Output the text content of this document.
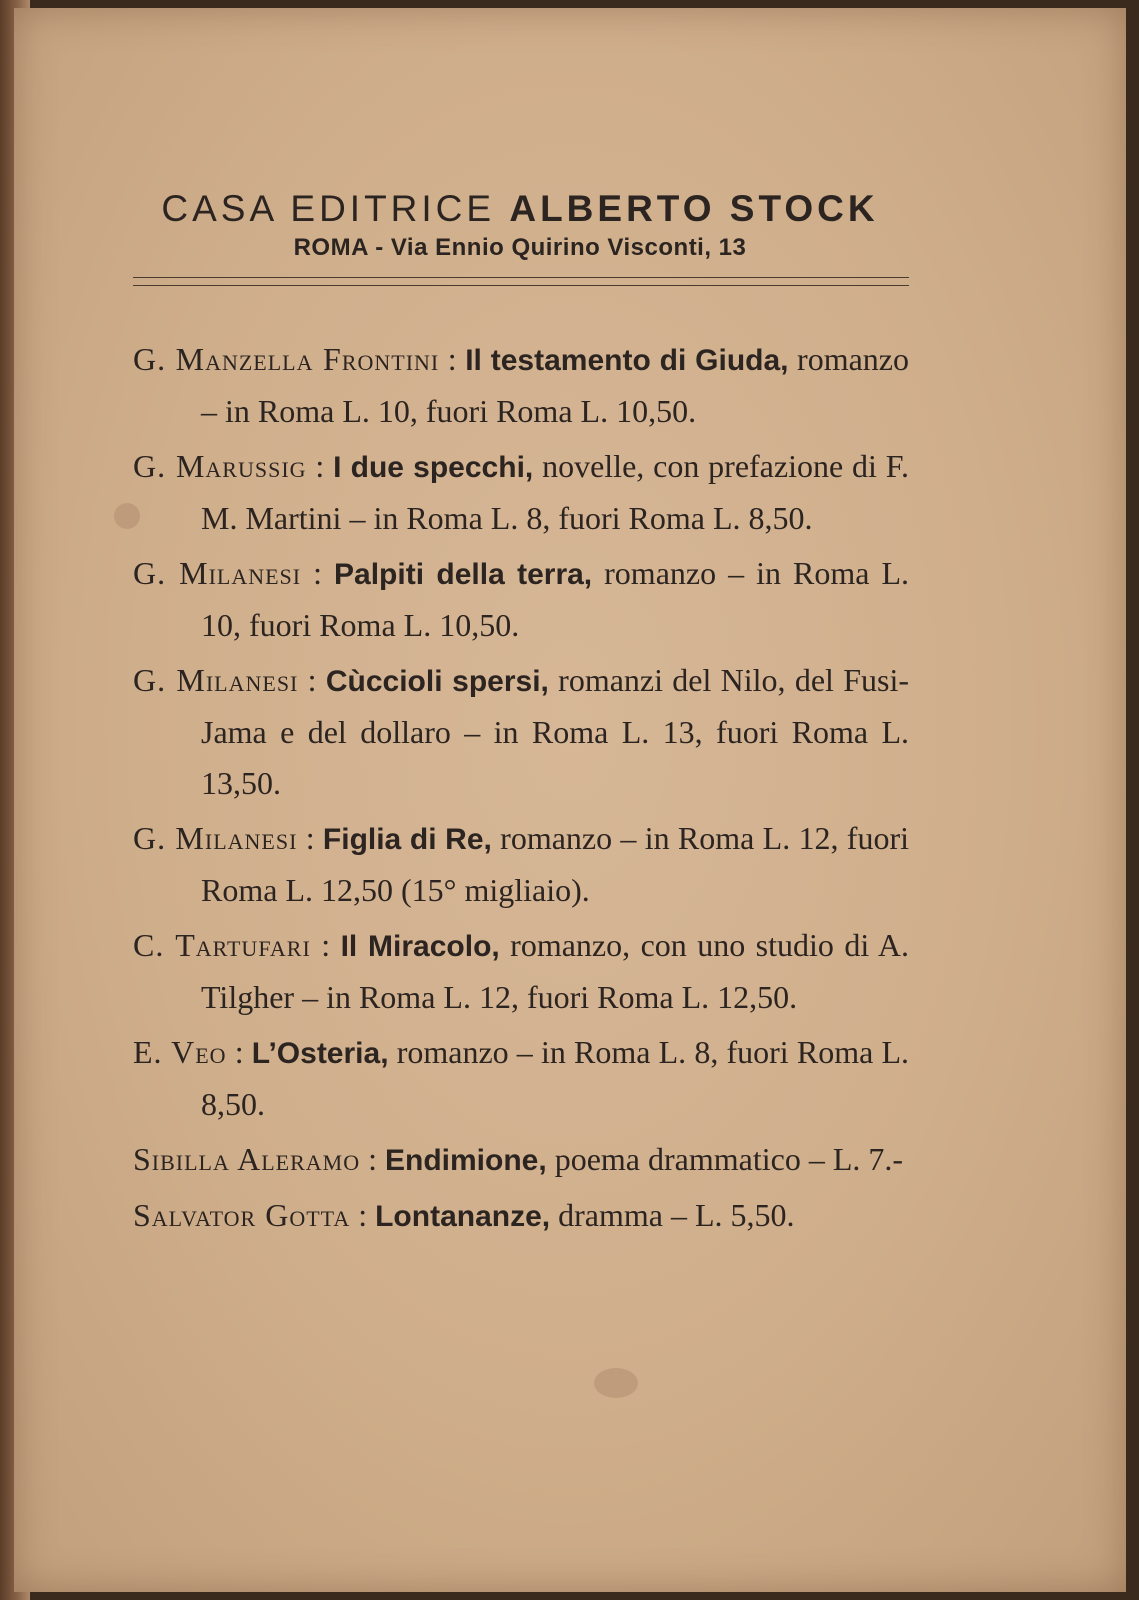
CASA EDITRICE ALBERTO STOCK
ROMA - Via Ennio Quirino Visconti, 13
G. Manzella Frontini : Il testamento di Giuda, romanzo – in Roma L. 10, fuori Roma L. 10,50.
G. Marussig : I due specchi, novelle, con prefazione di F. M. Martini – in Roma L. 8, fuori Roma L. 8,50.
G. Milanesi : Palpiti della terra, romanzo – in Roma L. 10, fuori Roma L. 10,50.
G. Milanesi : Cùccioli spersi, romanzi del Nilo, del Fusi-Jama e del dollaro – in Roma L. 13, fuori Roma L. 13,50.
G. Milanesi : Figlia di Re, romanzo – in Roma L. 12, fuori Roma L. 12,50 (15° migliaio).
C. Tartufari : Il Miracolo, romanzo, con uno studio di A. Tilgher – in Roma L. 12, fuori Roma L. 12,50.
E. Veo : L’Osteria, romanzo – in Roma L. 8, fuori Roma L. 8,50.
Sibilla Aleramo : Endimione, poema drammatico – L. 7.-
Salvator Gotta : Lontananze, dramma – L. 5,50.
